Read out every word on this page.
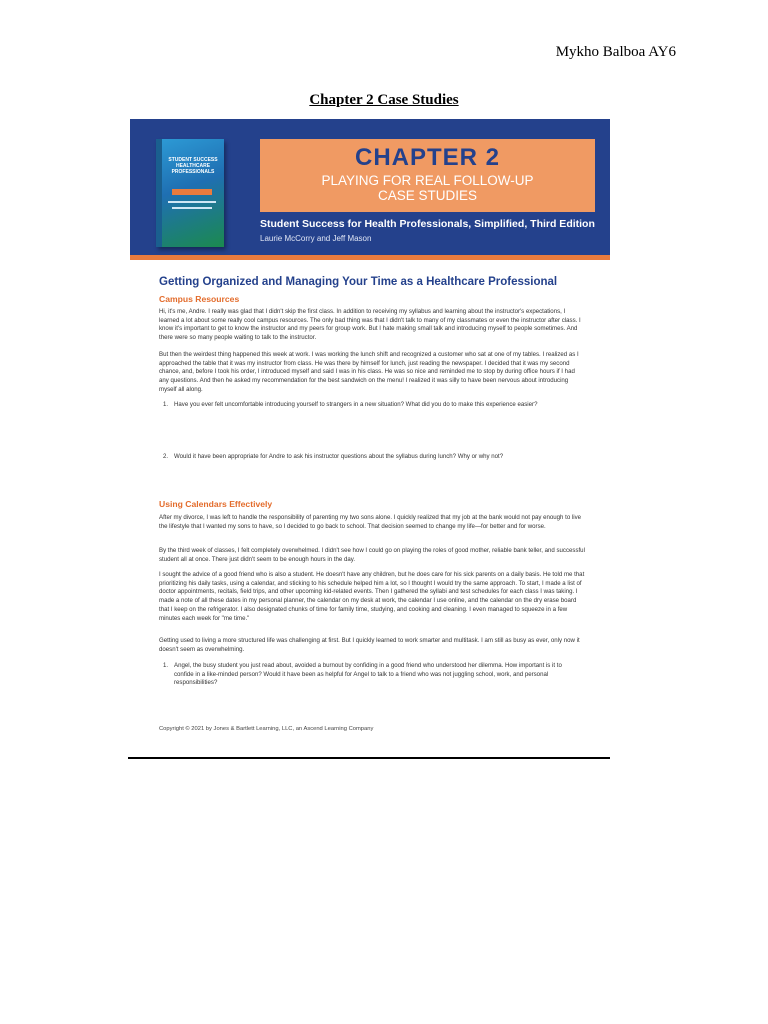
Mykho Balboa AY6
Chapter 2 Case Studies
STUDENT SUCCESS HEALTHCARE PROFESSIONALS
CHAPTER 2
PLAYING FOR REAL FOLLOW-UP
CASE STUDIES
Student Success for Health Professionals, Simplified, Third Edition
Laurie McCorry and Jeff Mason
Getting Organized and Managing Your Time as a Healthcare Professional
Campus Resources
Hi, it's me, Andre. I really was glad that I didn't skip the first class. In addition to receiving my syllabus and learning about the instructor's expectations, I learned a lot about some really cool campus resources. The only bad thing was that I didn't talk to many of my classmates or even the instructor after class. I know it's important to get to know the instructor and my peers for group work. But I hate making small talk and introducing myself to people sometimes. And there were so many people waiting to talk to the instructor.
But then the weirdest thing happened this week at work. I was working the lunch shift and recognized a customer who sat at one of my tables. I realized as I approached the table that it was my instructor from class. He was there by himself for lunch, just reading the newspaper. I decided that it was my second chance, and, before I took his order, I introduced myself and said I was in his class. He was so nice and reminded me to stop by during office hours if I had any questions. And then he asked my recommendation for the best sandwich on the menu! I realized it was silly to have been nervous about introducing myself all along.
1. Have you ever felt uncomfortable introducing yourself to strangers in a new situation? What did you do to make this experience easier?
2. Would it have been appropriate for Andre to ask his instructor questions about the syllabus during lunch? Why or why not?
Using Calendars Effectively
After my divorce, I was left to handle the responsibility of parenting my two sons alone. I quickly realized that my job at the bank would not pay enough to live the lifestyle that I wanted my sons to have, so I decided to go back to school. That decision seemed to change my life—for better and for worse.
By the third week of classes, I felt completely overwhelmed. I didn't see how I could go on playing the roles of good mother, reliable bank teller, and successful student all at once. There just didn't seem to be enough hours in the day.
I sought the advice of a good friend who is also a student. He doesn't have any children, but he does care for his sick parents on a daily basis. He told me that prioritizing his daily tasks, using a calendar, and sticking to his schedule helped him a lot, so I thought I would try the same approach. To start, I made a list of doctor appointments, recitals, field trips, and other upcoming kid-related events. Then I gathered the syllabi and test schedules for each class I was taking. I made a note of all these dates in my personal planner, the calendar on my desk at work, the calendar I use online, and the calendar on the dry erase board that I keep on the refrigerator. I also designated chunks of time for family time, studying, and cooking and cleaning. I even managed to squeeze in a few minutes each week for "me time."
Getting used to living a more structured life was challenging at first. But I quickly learned to work smarter and multitask. I am still as busy as ever, only now it doesn't seem as overwhelming.
1. Angel, the busy student you just read about, avoided a burnout by confiding in a good friend who understood her dilemma. How important is it to confide in a like-minded person? Would it have been as helpful for Angel to talk to a friend who was not juggling school, work, and personal responsibilities?
Copyright © 2021 by Jones & Bartlett Learning, LLC, an Ascend Learning Company
